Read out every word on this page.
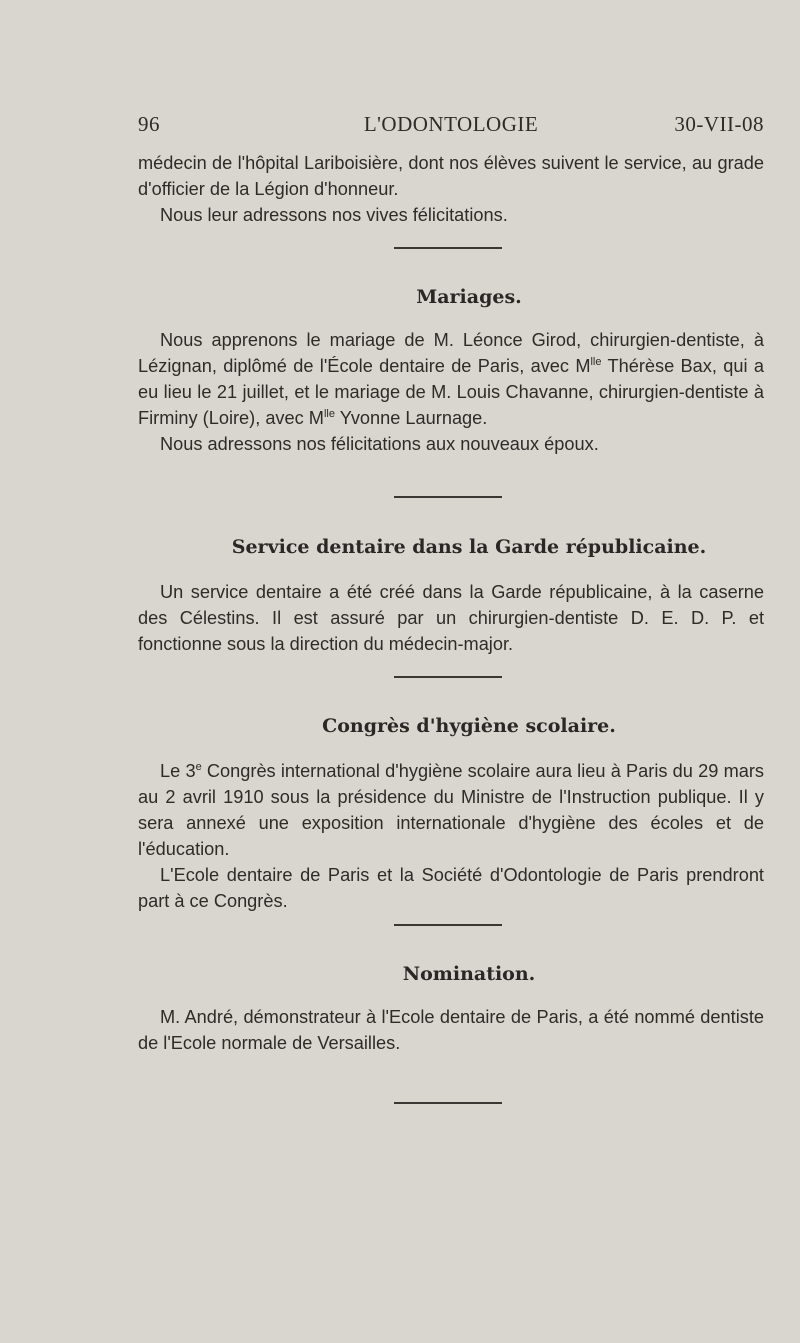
96	L'ODONTOLOGIE	30-VII-08

médecin de l'hôpital Lariboisière, dont nos élèves suivent le service, au grade d'officier de la Légion d'honneur.

Nous leur adressons nos vives félicitations.

Mariages.

Nous apprenons le mariage de M. Léonce Girod, chirurgien-dentiste, à Lézignan, diplômé de l'École dentaire de Paris, avec $M^{lle}$ Thérèse Bax, qui a eu lieu le 21 juillet, et le mariage de M. Louis Chavanne, chirurgien-dentiste à Firminy (Loire), avec $M^{lle}$ Yvonne Laurnage.

Nous adressons nos félicitations aux nouveaux époux.

Service dentaire dans la Garde républicaine.

Un service dentaire a été créé dans la Garde républicaine, à la caserne des Célestins. Il est assuré par un chirurgien-dentiste D. E. D. P. et fonctionne sous la direction du médecin-major.

Congrès d'hygiène scolaire.

Le 3e Congrès international d'hygiène scolaire aura lieu à Paris du 29 mars au 2 avril 1910 sous la présidence du Ministre de l'Instruction publique. Il y sera annexé une exposition internationale d'hygiène des écoles et de l'éducation.

L'Ecole dentaire de Paris et la Société d'Odontologie de Paris prendront part à ce Congrès.

Nomination.

M. André, démonstrateur à l'Ecole dentaire de Paris, a été nommé dentiste de l'Ecole normale de Versailles.
